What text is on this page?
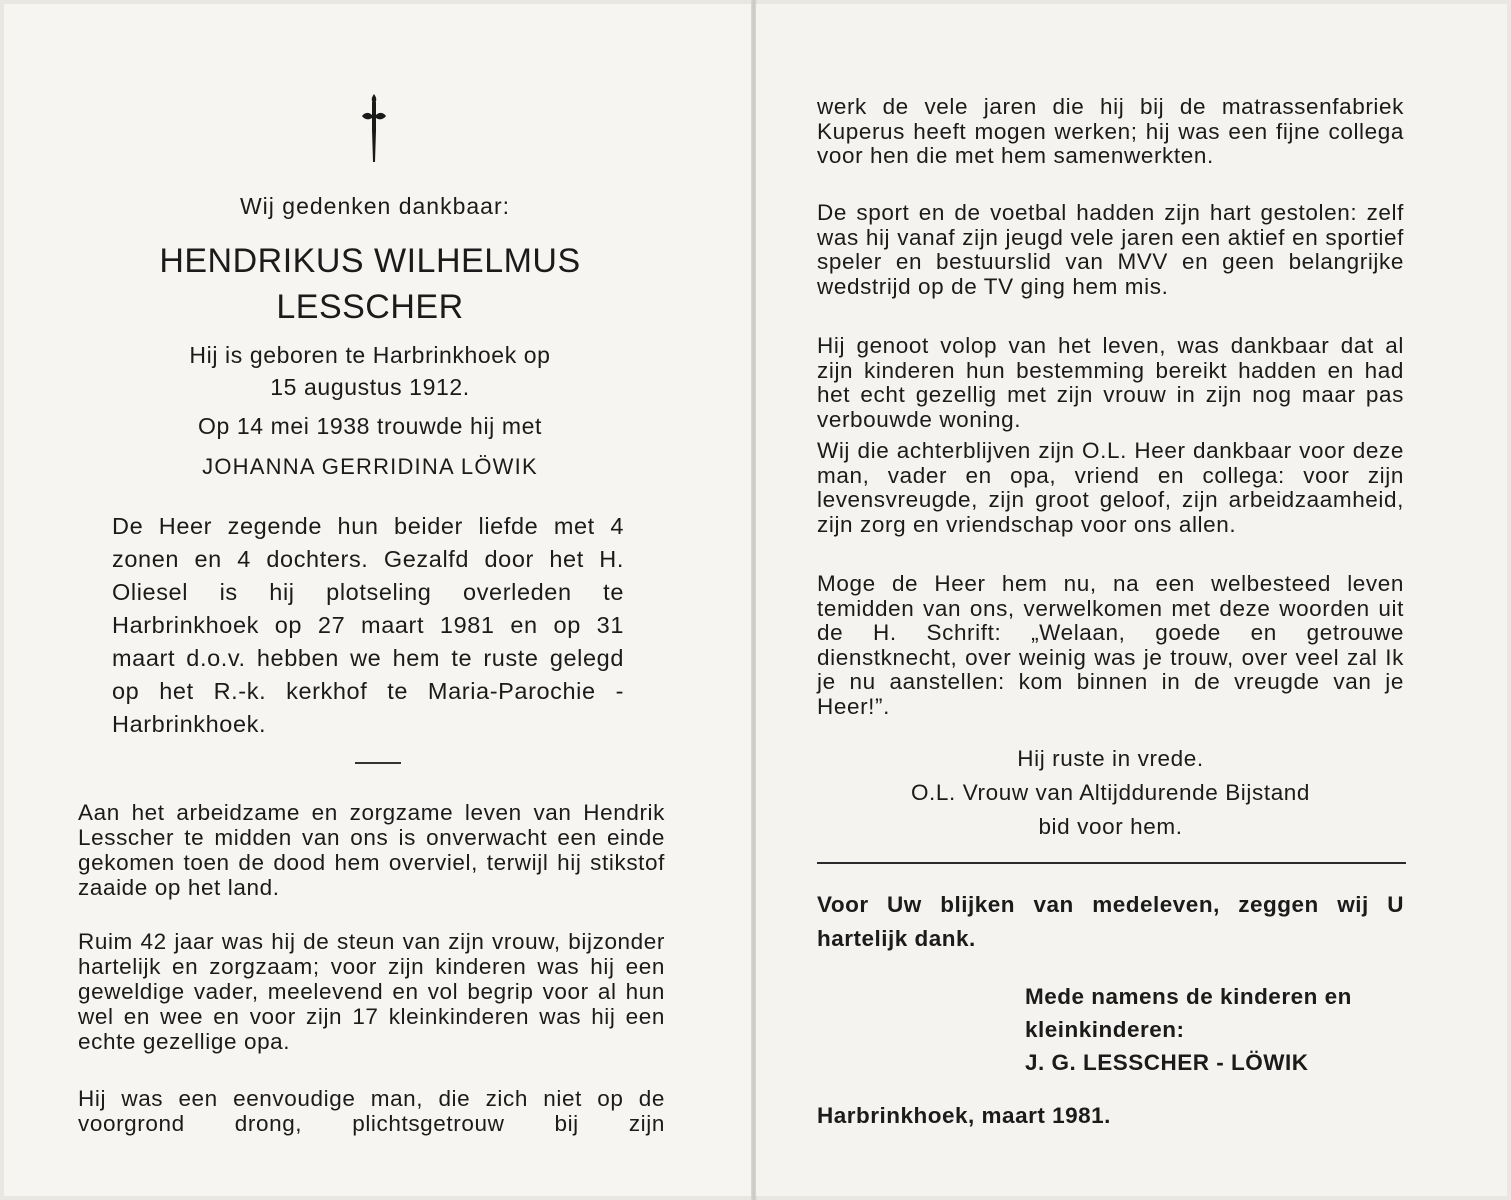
Wij gedenken dankbaar:
HENDRIKUS WILHELMUS
LESSCHER
Hij is geboren te Harbrinkhoek op
15 augustus 1912.
Op 14 mei 1938 trouwde hij met
JOHANNA GERRIDINA LÖWIK

De Heer zegende hun beider liefde met 4 zonen en 4 dochters. Gezalfd door het H. Oliesel is hij plotseling overleden te Harbrinkhoek op 27 maart 1981 en op 31 maart d.o.v. hebben we hem te ruste gelegd op het R.-k. kerkhof te Maria-Parochie - Harbrinkhoek.

Aan het arbeidzame en zorgzame leven van Hendrik Lesscher te midden van ons is onverwacht een einde gekomen toen de dood hem overviel, terwijl hij stikstof zaaide op het land.

Ruim 42 jaar was hij de steun van zijn vrouw, bijzonder hartelijk en zorgzaam; voor zijn kinderen was hij een geweldige vader, meelevend en vol begrip voor al hun wel en wee en voor zijn 17 kleinkinderen was hij een echte gezellige opa.

Hij was een eenvoudige man, die zich niet op de voorgrond drong, plichtsgetrouw bij zijn

werk de vele jaren die hij bij de matrassenfabriek Kuperus heeft mogen werken; hij was een fijne collega voor hen die met hem samenwerkten.

De sport en de voetbal hadden zijn hart gestolen: zelf was hij vanaf zijn jeugd vele jaren een aktief en sportief speler en bestuurslid van MVV en geen belangrijke wedstrijd op de TV ging hem mis.

Hij genoot volop van het leven, was dankbaar dat al zijn kinderen hun bestemming bereikt hadden en had het echt gezellig met zijn vrouw in zijn nog maar pas verbouwde woning.

Wij die achterblijven zijn O.L. Heer dankbaar voor deze man, vader en opa, vriend en collega: voor zijn levensvreugde, zijn groot geloof, zijn arbeidzaamheid, zijn zorg en vriendschap voor ons allen.

Moge de Heer hem nu, na een welbesteed leven temidden van ons, verwelkomen met deze woorden uit de H. Schrift: „Welaan, goede en getrouwe dienstknecht, over weinig was je trouw, over veel zal Ik je nu aanstellen: kom binnen in de vreugde van je Heer!”.

Hij ruste in vrede.
O.L. Vrouw van Altijddurende Bijstand
bid voor hem.
Voor Uw blijken van medeleven, zeggen wij U hartelijk dank.
Mede namens de kinderen en
kleinkinderen:
J. G. LESSCHER - LÖWIK
Harbrinkhoek, maart 1981.
